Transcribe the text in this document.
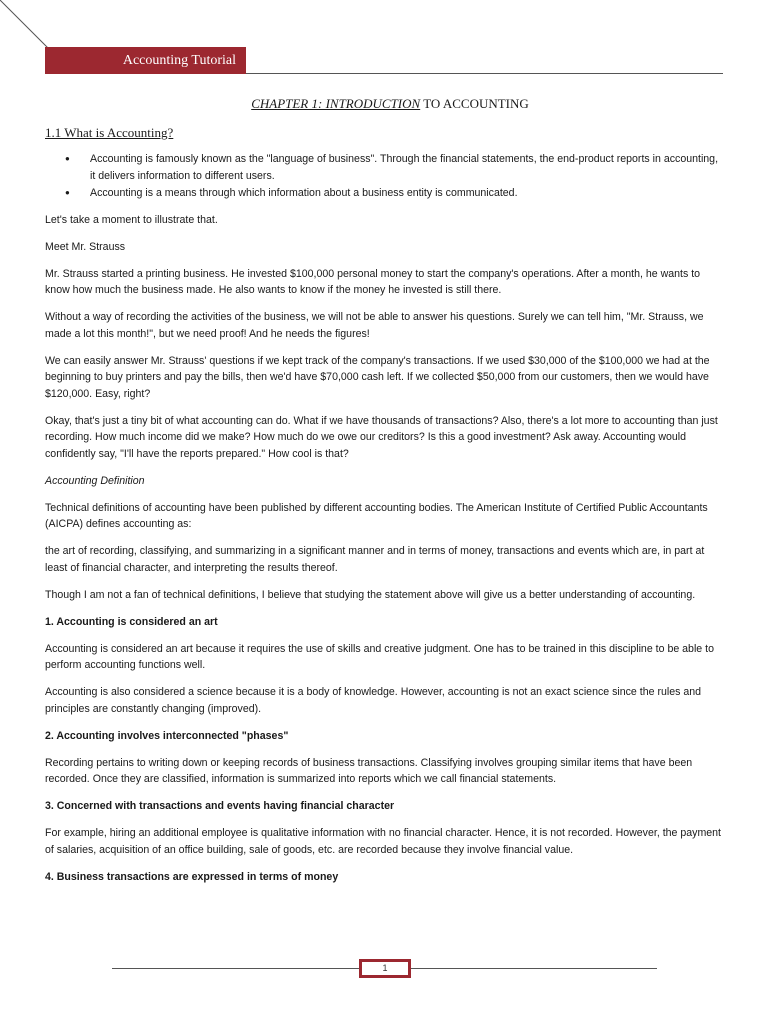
Accounting Tutorial
CHAPTER 1: INTRODUCTION TO ACCOUNTING
1.1 What is Accounting?
● Accounting is famously known as the "language of business". Through the financial statements, the end-product reports in accounting, it delivers information to different users.
● Accounting is a means through which information about a business entity is communicated.

Let's take a moment to illustrate that.

Meet Mr. Strauss

Mr. Strauss started a printing business. He invested $100,000 personal money to start the company's operations. After a month, he wants to know how much the business made. He also wants to know if the money he invested is still there.

Without a way of recording the activities of the business, we will not be able to answer his questions. Surely we can tell him, "Mr. Strauss, we made a lot this month!", but we need proof! And he needs the figures!

We can easily answer Mr. Strauss' questions if we kept track of the company's transactions. If we used $30,000 of the $100,000 we had at the beginning to buy printers and pay the bills, then we'd have $70,000 cash left. If we collected $50,000 from our customers, then we would have $120,000. Easy, right?

Okay, that's just a tiny bit of what accounting can do. What if we have thousands of transactions? Also, there's a lot more to accounting than just recording. How much income did we make? How much do we owe our creditors? Is this a good investment? Ask away. Accounting would confidently say, "I'll have the reports prepared." How cool is that?

Accounting Definition

Technical definitions of accounting have been published by different accounting bodies. The American Institute of Certified Public Accountants (AICPA) defines accounting as:

the art of recording, classifying, and summarizing in a significant manner and in terms of money, transactions and events which are, in part at least of financial character, and interpreting the results thereof.

Though I am not a fan of technical definitions, I believe that studying the statement above will give us a better understanding of accounting.

1. Accounting is considered an art

Accounting is considered an art because it requires the use of skills and creative judgment. One has to be trained in this discipline to be able to perform accounting functions well.

Accounting is also considered a science because it is a body of knowledge. However, accounting is not an exact science since the rules and principles are constantly changing (improved).

2. Accounting involves interconnected "phases"

Recording pertains to writing down or keeping records of business transactions. Classifying involves grouping similar items that have been recorded. Once they are classified, information is summarized into reports which we call financial statements.

3. Concerned with transactions and events having financial character

For example, hiring an additional employee is qualitative information with no financial character. Hence, it is not recorded. However, the payment of salaries, acquisition of an office building, sale of goods, etc. are recorded because they involve financial value.

4. Business transactions are expressed in terms of money

1
